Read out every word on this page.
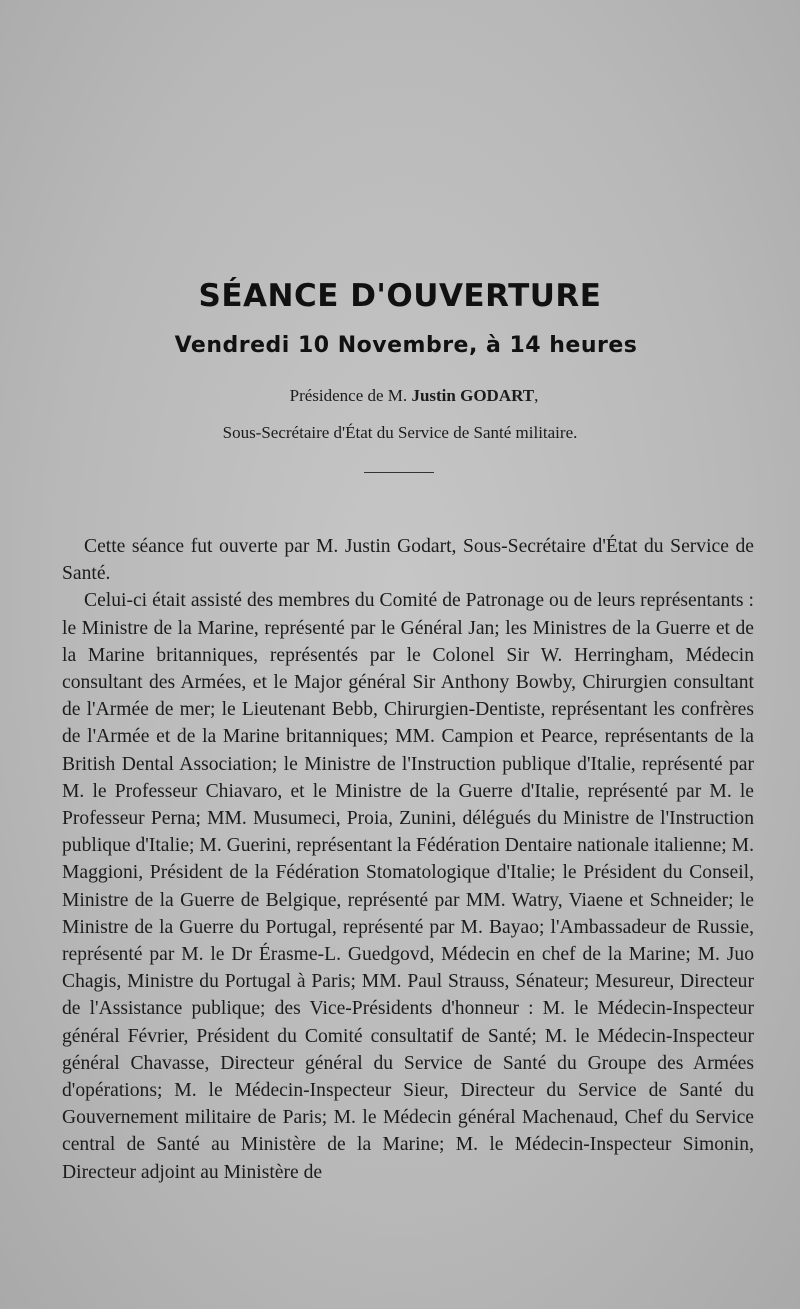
SÉANCE D'OUVERTURE
Vendredi 10 Novembre, à 14 heures
Présidence de M. Justin GODART,
Sous-Secrétaire d'État du Service de Santé militaire.

Cette séance fut ouverte par M. Justin Godart, Sous-Secrétaire d'État du Service de Santé.

Celui-ci était assisté des membres du Comité de Patronage ou de leurs représentants : le Ministre de la Marine, représenté par le Général Jan; les Ministres de la Guerre et de la Marine britanniques, représentés par le Colonel Sir W. Herringham, Médecin consultant des Armées, et le Major général Sir Anthony Bowby, Chirurgien consultant de l'Armée de mer; le Lieutenant Bebb, Chirurgien-Dentiste, représentant les confrères de l'Armée et de la Marine britanniques; MM. Campion et Pearce, représentants de la British Dental Association; le Ministre de l'Instruction publique d'Italie, représenté par M. le Professeur Chiavaro, et le Ministre de la Guerre d'Italie, représenté par M. le Professeur Perna; MM. Musumeci, Proia, Zunini, délégués du Ministre de l'Instruction publique d'Italie; M. Guerini, représentant la Fédération Dentaire nationale italienne; M. Maggioni, Président de la Fédération Stomatologique d'Italie; le Président du Conseil, Ministre de la Guerre de Belgique, représenté par MM. Watry, Viaene et Schneider; le Ministre de la Guerre du Portugal, représenté par M. Bayao; l'Ambassadeur de Russie, représenté par M. le Dr Érasme-L. Guedgovd, Médecin en chef de la Marine; M. Juo Chagis, Ministre du Portugal à Paris; MM. Paul Strauss, Sénateur; Mesureur, Directeur de l'Assistance publique; des Vice-Présidents d'honneur : M. le Médecin-Inspecteur général Février, Président du Comité consultatif de Santé; M. le Médecin-Inspecteur général Chavasse, Directeur général du Service de Santé du Groupe des Armées d'opérations; M. le Médecin-Inspecteur Sieur, Directeur du Service de Santé du Gouvernement militaire de Paris; M. le Médecin général Machenaud, Chef du Service central de Santé au Ministère de la Marine; M. le Médecin-Inspecteur Simonin, Directeur adjoint au Ministère de
